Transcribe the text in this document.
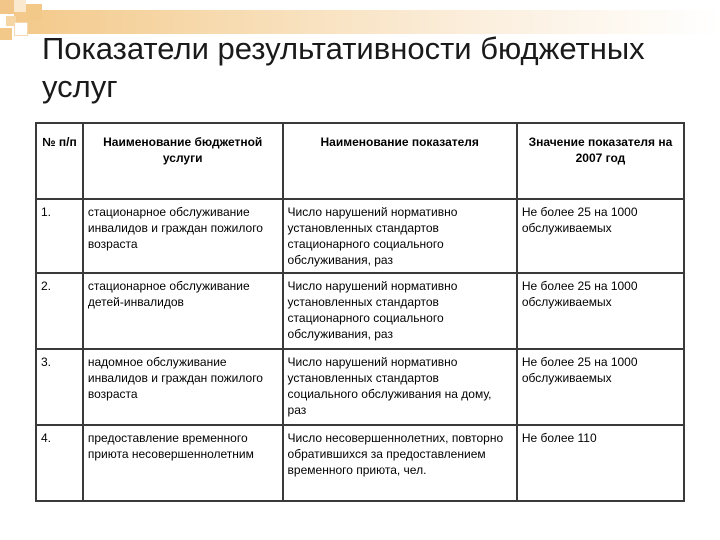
Показатели результативности бюджетных услуг
№ п/п	Наименование бюджетной услуги	Наименование показателя	Значение показателя на 2007 год
1.	стационарное обслуживание инвалидов и граждан пожилого возраста	Число нарушений нормативно установленных стандартов стационарного социального обслуживания, раз	Не более 25 на 1000 обслуживаемых
2.	стационарное обслуживание детей-инвалидов	Число нарушений нормативно установленных стандартов стационарного социального обслуживания, раз	Не более 25 на 1000 обслуживаемых
3.	надомное обслуживание инвалидов и граждан пожилого возраста	Число нарушений нормативно установленных стандартов социального обслуживания на дому, раз	Не более 25 на 1000 обслуживаемых
4.	предоставление временного приюта несовершеннолетним	Число несовершеннолетних, повторно обратившихся за предоставлением временного приюта, чел.	Не более 110
